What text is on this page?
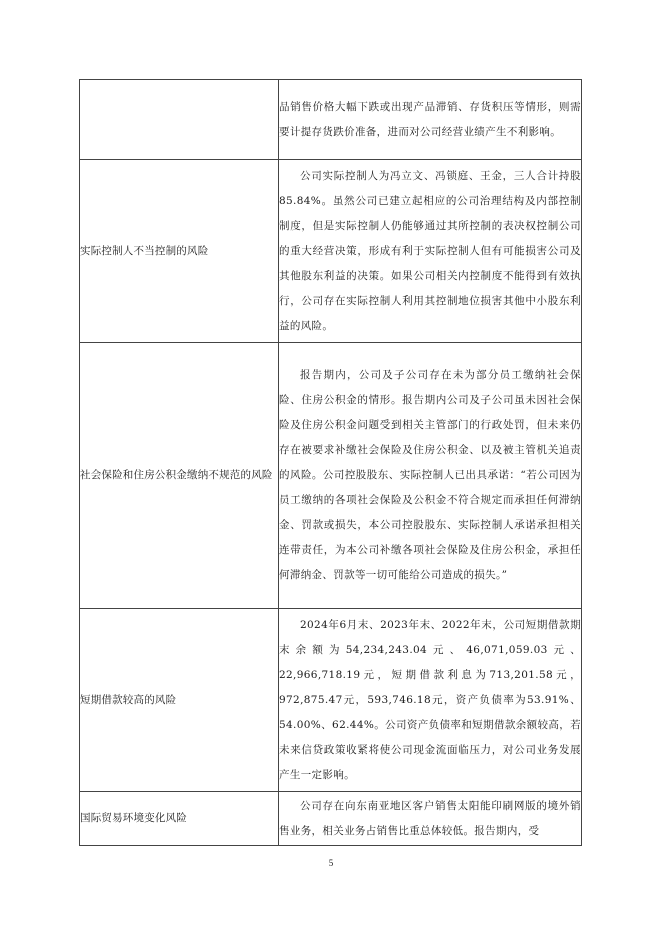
	品销售价格大幅下跌或出现产品滞销、存货积压等情形，则需要计提存货跌价准备，进而对公司经营业绩产生不利影响。

实际控制人不当控制的风险	公司实际控制人为冯立文、冯锁庭、王金，三人合计持股85.84%。虽然公司已建立起相应的公司治理结构及内部控制制度，但是实际控制人仍能够通过其所控制的表决权控制公司的重大经营决策，形成有利于实际控制人但有可能损害公司及其他股东利益的决策。如果公司相关内控制度不能得到有效执行，公司存在实际控制人利用其控制地位损害其他中小股东利益的风险。

社会保险和住房公积金缴纳不规范的风险	报告期内，公司及子公司存在未为部分员工缴纳社会保险、住房公积金的情形。报告期内公司及子公司虽未因社会保险及住房公积金问题受到相关主管部门的行政处罚，但未来仍存在被要求补缴社会保险及住房公积金、以及被主管机关追责的风险。公司控股股东、实际控制人已出具承诺：“若公司因为员工缴纳的各项社会保险及公积金不符合规定而承担任何滞纳金、罚款或损失，本公司控股股东、实际控制人承诺承担相关连带责任，为本公司补缴各项社会保险及住房公积金，承担任何滞纳金、罚款等一切可能给公司造成的损失。”

短期借款较高的风险	2024年6月末、2023年末、2022年末，公司短期借款期末余额为54,234,243.04元、46,071,059.03元、22,966,718.19元，短期借款利息为713,201.58元，972,875.47元，593,746.18元，资产负债率为53.91%、54.00%、62.44%。公司资产负债率和短期借款余额较高，若未来信贷政策收紧将使公司现金流面临压力，对公司业务发展产生一定影响。

国际贸易环境变化风险	公司存在向东南亚地区客户销售太阳能印刷网版的境外销售业务，相关业务占销售比重总体较低。报告期内，受

5
